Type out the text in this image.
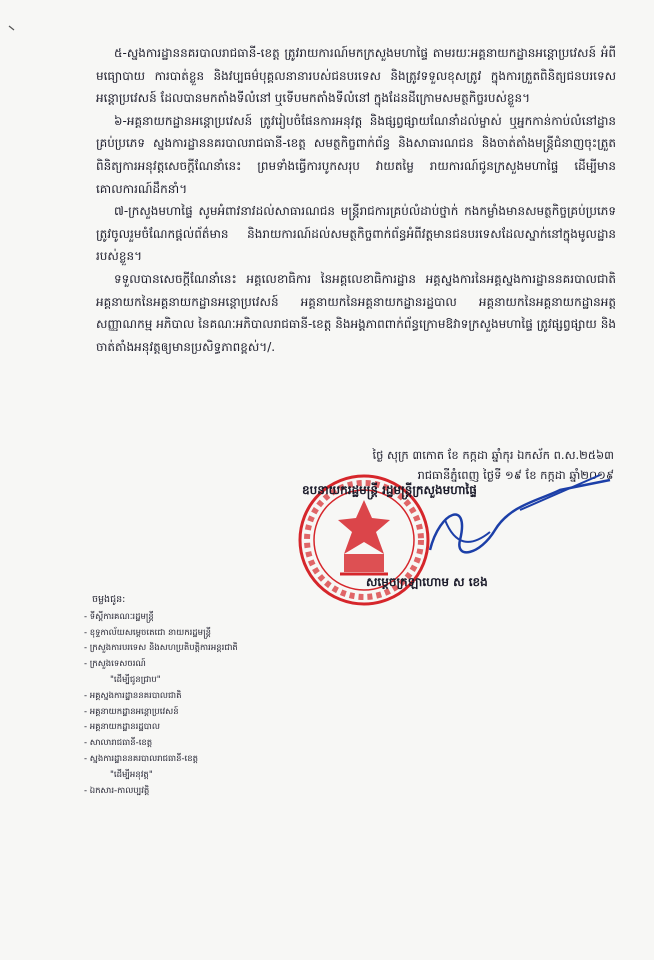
៥-ស្នងការដ្ឋាននគរបាលរាជធានី-ខេត្ត ត្រូវរាយការណ៍មកក្រសួងមហាផ្ទៃ តាមរយៈអគ្គនាយកដ្ឋានអន្តោប្រវេសន៍ អំពីមធ្យោបាយ ការបាត់ខ្លួន និងវប្បធម៌បុគ្គលនានារបស់ជនបរទេស និងត្រូវទទួលខុសត្រូវ ក្នុងការត្រួតពិនិត្យជនបរទេសអន្តោប្រវេសន៍ ដែលបានមកតាំងទីលំនៅ ឬទើបមកតាំងទីលំនៅ ក្នុងដែនដីក្រោមសមត្ថកិច្ចរបស់ខ្លួន។

៦-អគ្គនាយកដ្ឋានអន្តោប្រវេសន៍ ត្រូវរៀបចំផែនការអនុវត្ត និងផ្សព្វផ្សាយណែនាំដល់ម្ចាស់ ឬអ្នកកាន់កាប់លំនៅដ្ឋានគ្រប់ប្រភេទ ស្នងការដ្ឋាននគរបាលរាជធានី-ខេត្ត សមត្ថកិច្ចពាក់ព័ន្ធ និងសាធារណជន និងចាត់តាំងមន្ត្រីជំនាញចុះត្រួតពិនិត្យការអនុវត្តសេចក្តីណែនាំនេះ ព្រមទាំងធ្វើការបូកសរុប វាយតម្លៃ រាយការណ៍ជូនក្រសួងមហាផ្ទៃ ដើម្បីមានគោលការណ៍ដឹកនាំ។

៧-ក្រសួងមហាផ្ទៃ សូមអំពាវនាវដល់សាធារណជន មន្ត្រីរាជការគ្រប់លំដាប់ថ្នាក់ កងកម្លាំងមានសមត្ថកិច្ចគ្រប់ប្រភេទ ត្រូវចូលរួមចំណែកផ្តល់ព័ត៌មាន និងរាយការណ៍ដល់សមត្ថកិច្ចពាក់ព័ន្ធអំពីវត្តមានជនបរទេសដែលស្នាក់នៅក្នុងមូលដ្ឋានរបស់ខ្លួន។

ទទួលបានសេចក្តីណែនាំនេះ អគ្គលេខាធិការ នៃអគ្គលេខាធិការដ្ឋាន អគ្គស្នងការនៃអគ្គស្នងការដ្ឋាននគរបាលជាតិ អគ្គនាយកនៃអគ្គនាយកដ្ឋានអន្តោប្រវេសន៍ អគ្គនាយកនៃអគ្គនាយកដ្ឋានរដ្ឋបាល អគ្គនាយកនៃអគ្គនាយកដ្ឋានអត្តសញ្ញាណកម្ម អភិបាល នៃគណៈអភិបាលរាជធានី-ខេត្ត និងអង្គភាពពាក់ព័ន្ធក្រោមឱវាទក្រសួងមហាផ្ទៃ ត្រូវផ្សព្វផ្សាយ និងចាត់តាំងអនុវត្តឲ្យមានប្រសិទ្ធភាពខ្ពស់។/.

ថ្ងៃ សុក្រ ៣កោត ខែ កក្កដា ឆ្នាំកុរ ឯកស័ក ព.ស.២៥៦៣
រាជធានីភ្នំពេញ ថ្ងៃទី ១៩ ខែ កក្កដា ឆ្នាំ២០១៩
ឧបនាយករដ្ឋមន្ត្រី រដ្ឋមន្ត្រីក្រសួងមហាផ្ទៃ
សម្តេចក្រឡាហោម ស ខេង
ចម្លងជូន:
- ទីស្តីការគណៈរដ្ឋមន្ត្រី
- ខុទ្ទកាល័យសម្តេចតេជោ នាយករដ្ឋមន្ត្រី
- ក្រសួងការបរទេស និងសហប្រតិបត្តិការអន្តរជាតិ
- ក្រសួងទេសចរណ៍
"ដើម្បីជូនជ្រាប"
- អគ្គស្នងការដ្ឋាននគរបាលជាតិ
- អគ្គនាយកដ្ឋានអន្តោប្រវេសន៍
- អគ្គនាយកដ្ឋានរដ្ឋបាល
- សាលារាជធានី-ខេត្ត
- ស្នងការដ្ឋាននគរបាលរាជធានី-ខេត្ត
"ដើម្បីអនុវត្ត"
- ឯកសារ-កាលប្បវត្តិ
